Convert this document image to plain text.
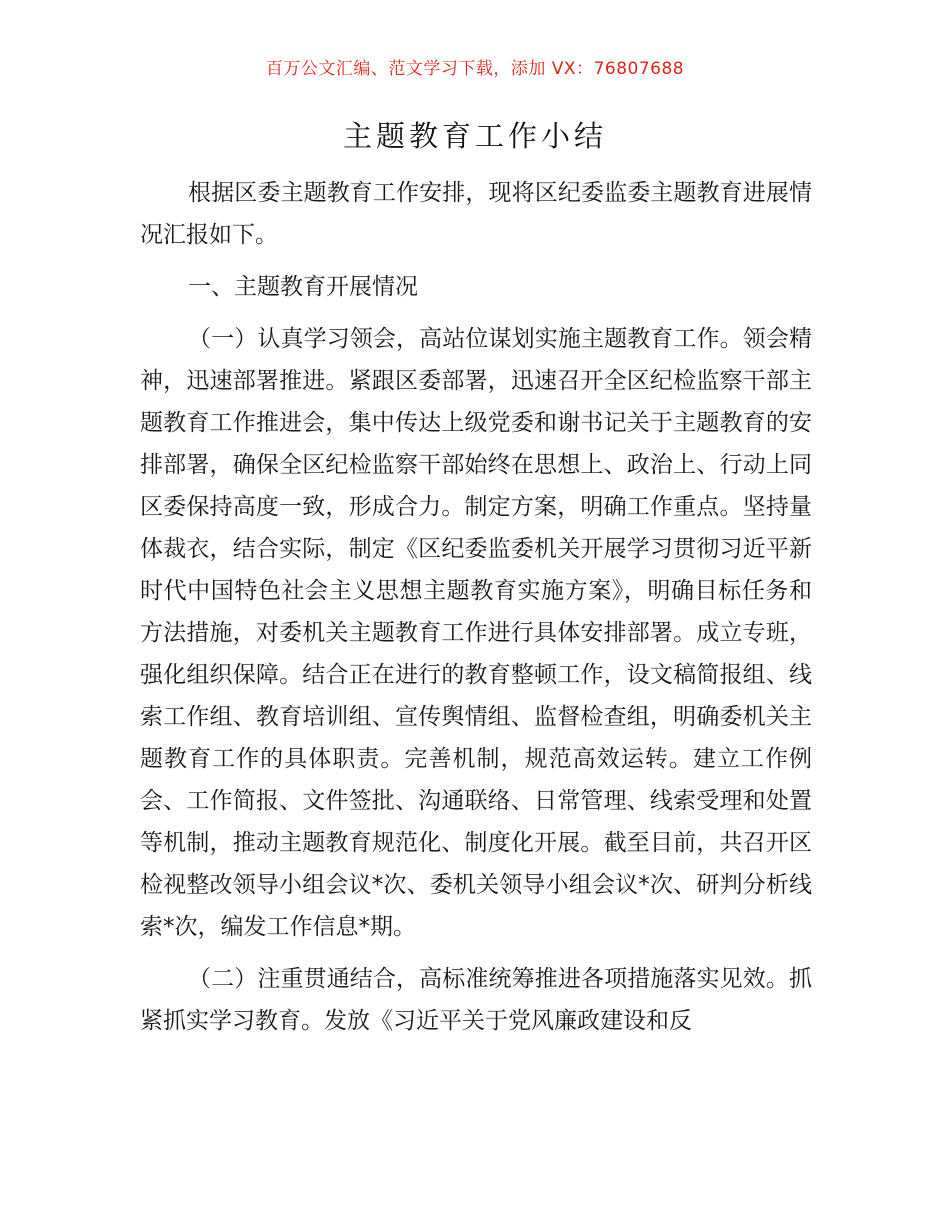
百万公文汇编、范文学习下载，添加 VX：76807688
主题教育工作小结

根据区委主题教育工作安排，现将区纪委监委主题教育进展情况汇报如下。

一、主题教育开展情况

（一）认真学习领会，高站位谋划实施主题教育工作。领会精神，迅速部署推进。紧跟区委部署，迅速召开全区纪检监察干部主题教育工作推进会，集中传达上级党委和谢书记关于主题教育的安排部署，确保全区纪检监察干部始终在思想上、政治上、行动上同区委保持高度一致，形成合力。制定方案，明确工作重点。坚持量体裁衣，结合实际，制定《区纪委监委机关开展学习贯彻习近平新时代中国特色社会主义思想主题教育实施方案》，明确目标任务和方法措施，对委机关主题教育工作进行具体安排部署。成立专班，强化组织保障。结合正在进行的教育整顿工作，设文稿简报组、线索工作组、教育培训组、宣传舆情组、监督检查组，明确委机关主题教育工作的具体职责。完善机制，规范高效运转。建立工作例会、工作简报、文件签批、沟通联络、日常管理、线索受理和处置等机制，推动主题教育规范化、制度化开展。截至目前，共召开区检视整改领导小组会议*次、委机关领导小组会议*次、研判分析线索*次，编发工作信息*期。

（二）注重贯通结合，高标准统筹推进各项措施落实见效。抓紧抓实学习教育。发放《习近平关于党风廉政建设和反
